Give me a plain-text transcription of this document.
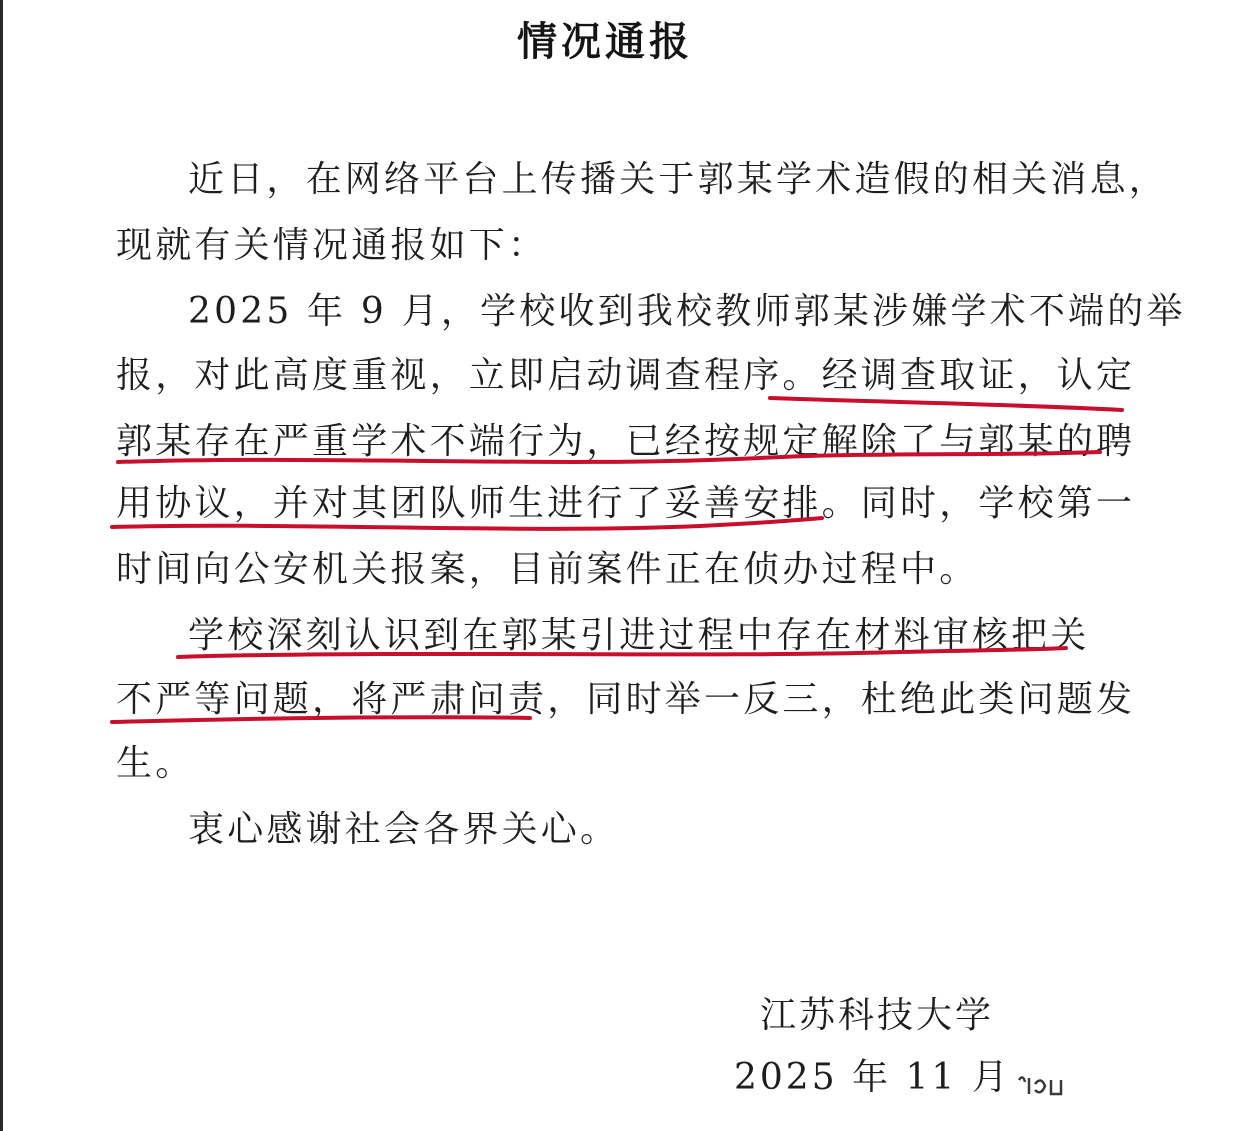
情况通报
近日，在网络平台上传播关于郭某学术造假的相关消息，
现就有关情况通报如下：
2025 年 9 月，学校收到我校教师郭某涉嫌学术不端的举
报，对此高度重视，立即启动调查程序。经调查取证，认定
郭某存在严重学术不端行为，已经按规定解除了与郭某的聘
用协议，并对其团队师生进行了妥善安排。同时，学校第一
时间向公安机关报案，目前案件正在侦办过程中。
学校深刻认识到在郭某引进过程中存在材料审核把关
不严等问题，将严肃问责，同时举一反三，杜绝此类问题发
生。
衷心感谢社会各界关心。
江苏科技大学
2025 年 11 月
